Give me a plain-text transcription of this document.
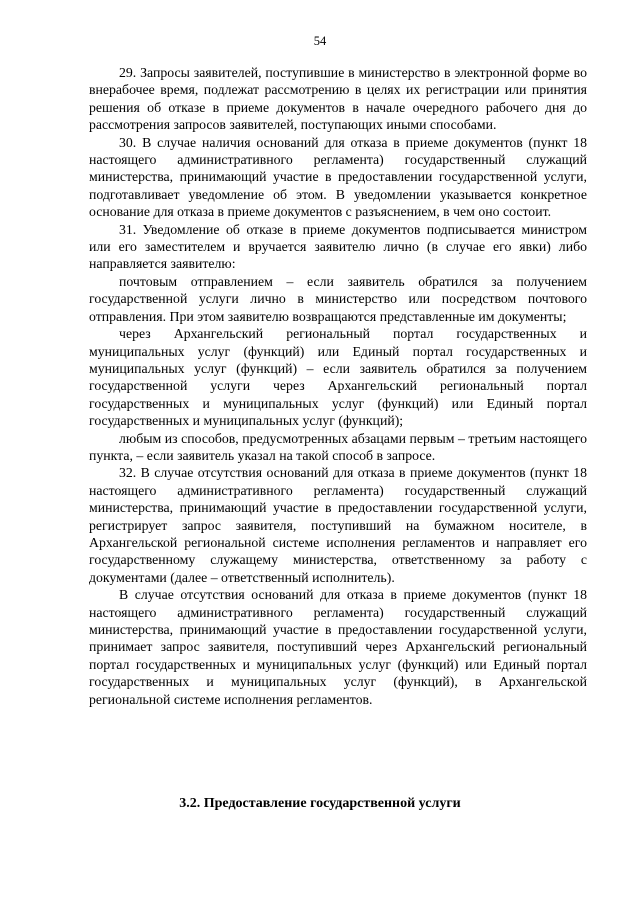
54

29. Запросы заявителей, поступившие в министерство в электронной форме во внерабочее время, подлежат рассмотрению в целях их регистрации или принятия решения об отказе в приеме документов в начале очередного рабочего дня до рассмотрения запросов заявителей, поступающих иными способами.

30. В случае наличия оснований для отказа в приеме документов (пункт 18 настоящего административного регламента) государственный служащий министерства, принимающий участие в предоставлении государственной услуги, подготавливает уведомление об этом. В уведомлении указывается конкретное основание для отказа в приеме документов с разъяснением, в чем оно состоит.

31. Уведомление об отказе в приеме документов подписывается министром или его заместителем и вручается заявителю лично (в случае его явки) либо направляется заявителю:

почтовым отправлением – если заявитель обратился за получением государственной услуги лично в министерство или посредством почтового отправления. При этом заявителю возвращаются представленные им документы;

через Архангельский региональный портал государственных и муниципальных услуг (функций) или Единый портал государственных и муниципальных услуг (функций) – если заявитель обратился за получением государственной услуги через Архангельский региональный портал государственных и муниципальных услуг (функций) или Единый портал государственных и муниципальных услуг (функций);

любым из способов, предусмотренных абзацами первым – третьим настоящего пункта, – если заявитель указал на такой способ в запросе.

32. В случае отсутствия оснований для отказа в приеме документов (пункт 18 настоящего административного регламента) государственный служащий министерства, принимающий участие в предоставлении государственной услуги, регистрирует запрос заявителя, поступивший на бумажном носителе, в Архангельской региональной системе исполнения регламентов и направляет его государственному служащему министерства, ответственному за работу с документами (далее – ответственный исполнитель).

В случае отсутствия оснований для отказа в приеме документов (пункт 18 настоящего административного регламента) государственный служащий министерства, принимающий участие в предоставлении государственной услуги, принимает запрос заявителя, поступивший через Архангельский региональный портал государственных и муниципальных услуг (функций) или Единый портал государственных и муниципальных услуг (функций), в Архангельской региональной системе исполнения регламентов.

3.2. Предоставление государственной услуги
